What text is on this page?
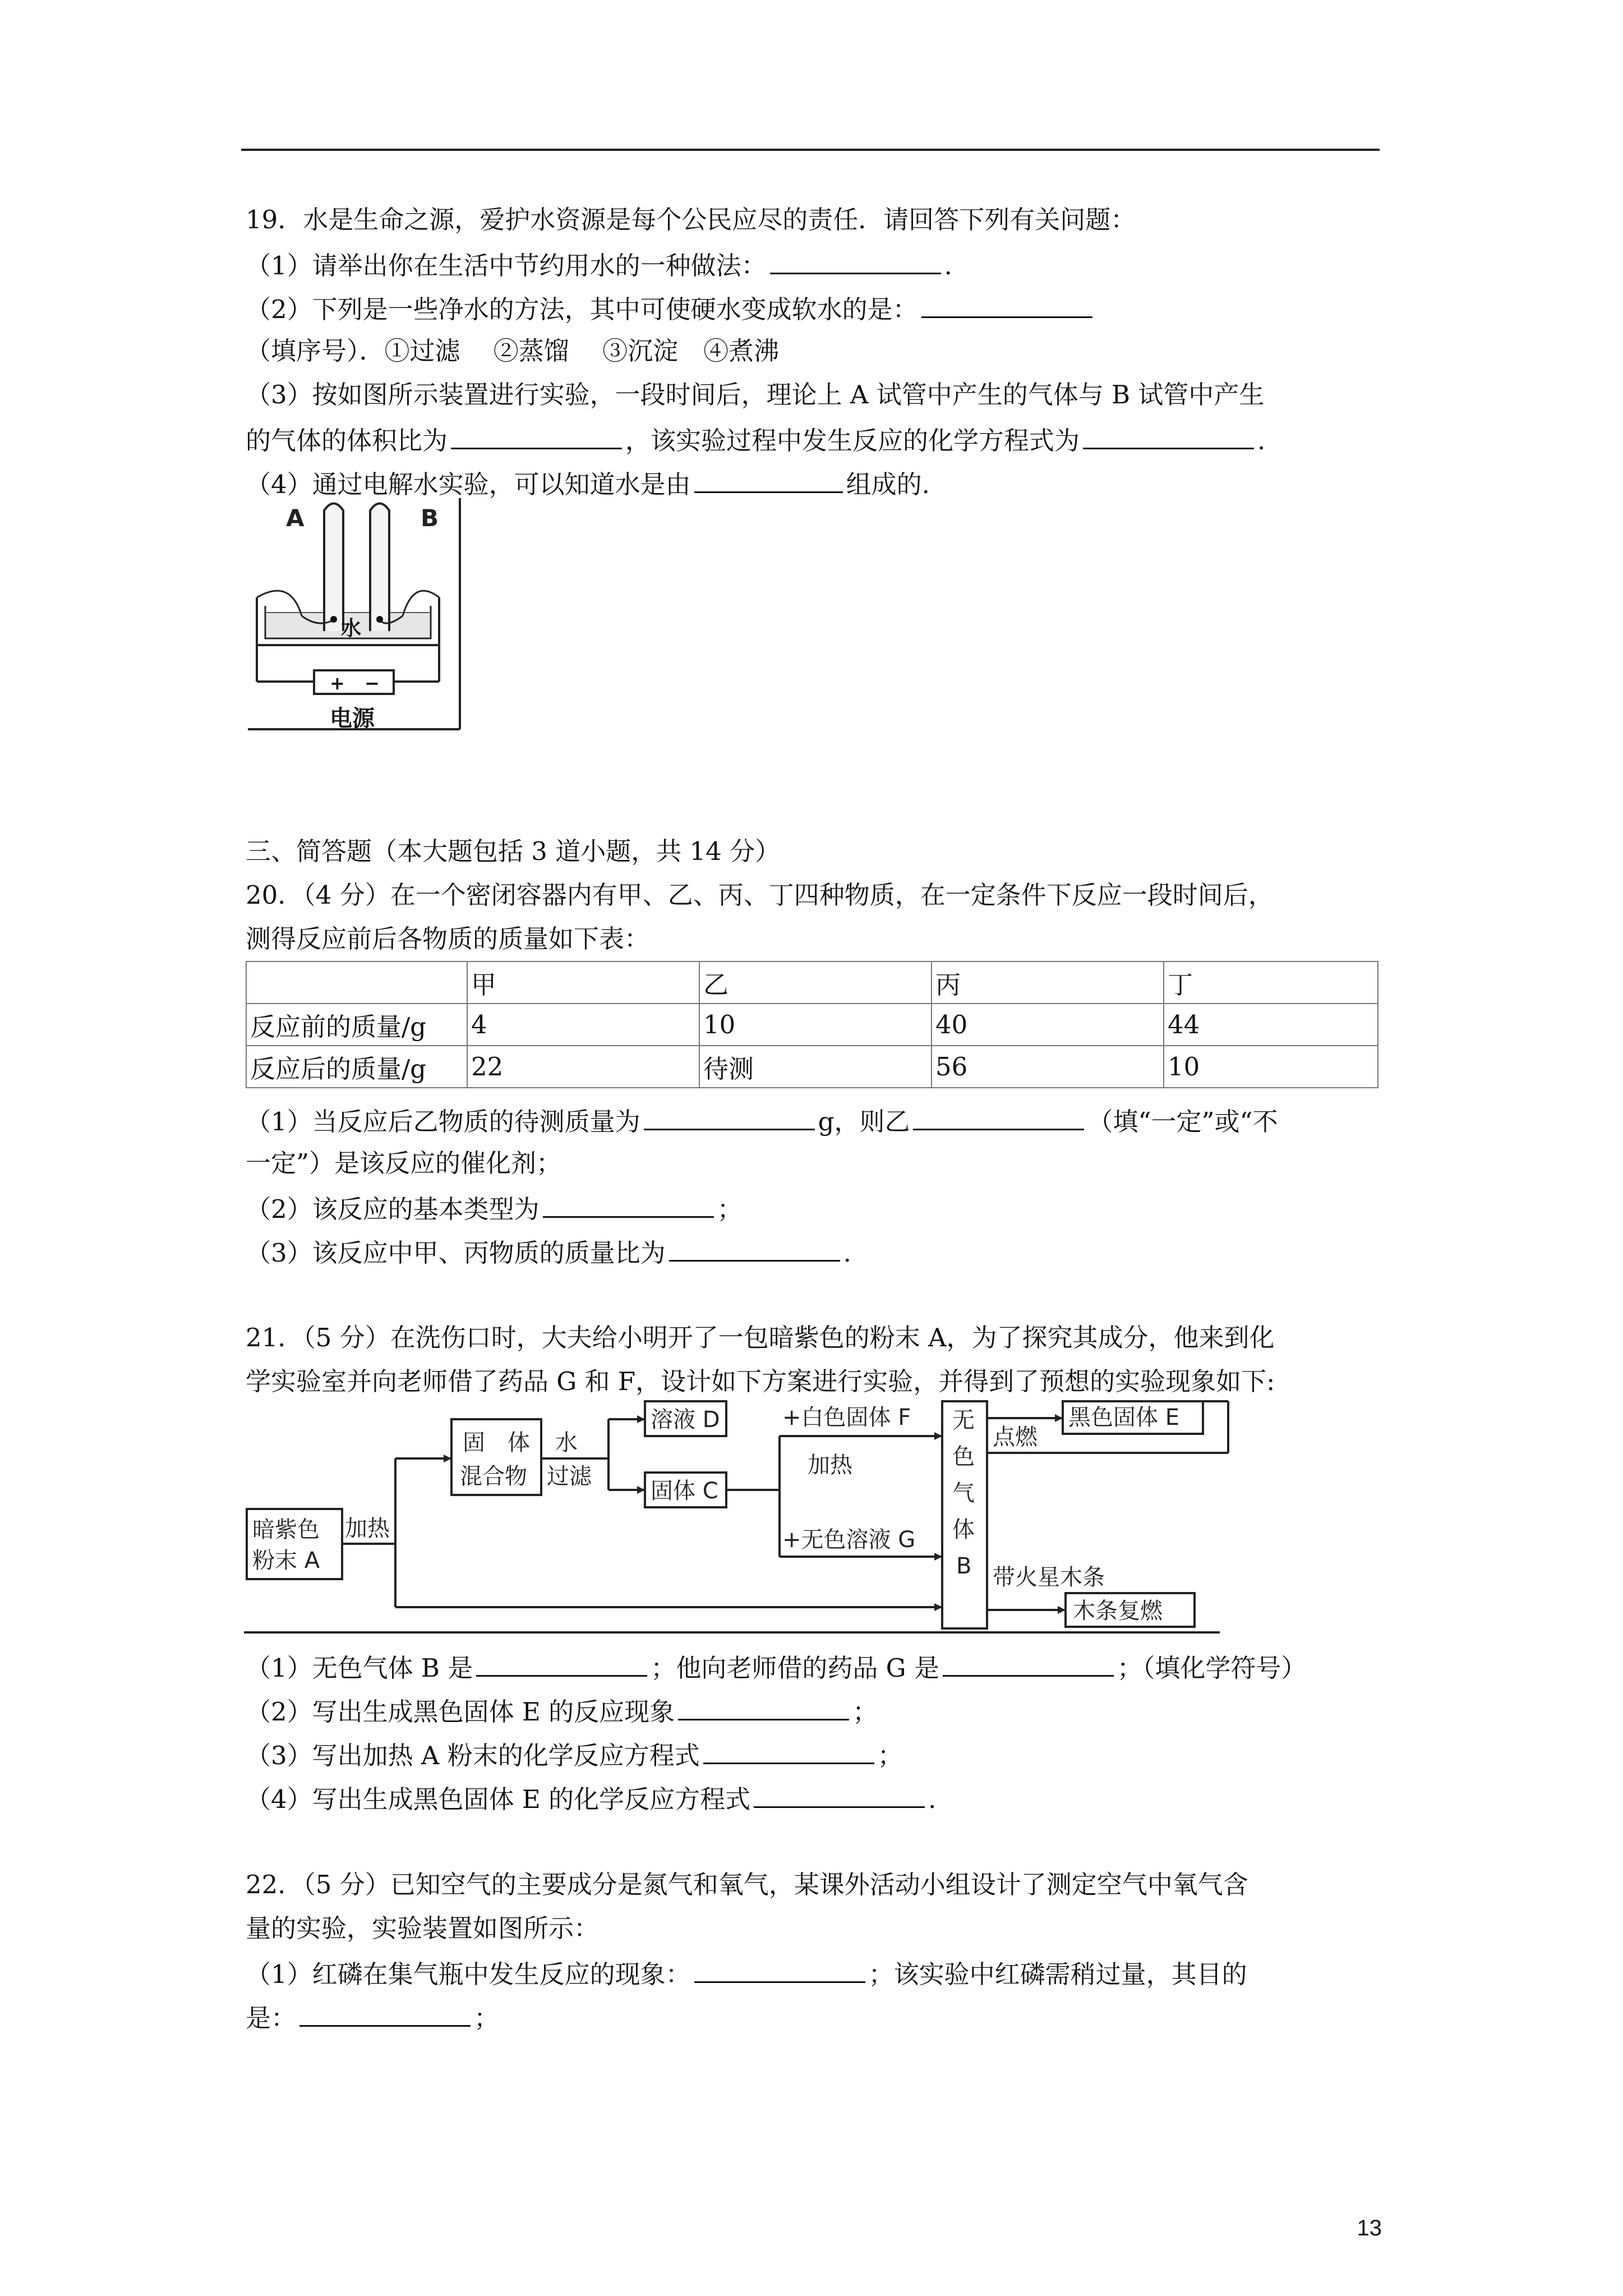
19．水是生命之源，爱护水资源是每个公民应尽的责任．请回答下列有关问题：
（1）请举出你在生活中节约用水的一种做法：	.
（2）下列是一些净水的方法，其中可使硬水变成软水的是：
（填序号）．①过滤　 ②蒸馏　 ③沉淀　④煮沸
（3）按如图所示装置进行实验，一段时间后，理论上 A 试管中产生的气体与 B 试管中产生
的气体的体积比为	，该实验过程中发生反应的化学方程式为	.
（4）通过电解水实验，可以知道水是由	组成的.
A	B
水
+ −
电源
三、简答题（本大题包括 3 道小题，共 14 分）
20．（4 分）在一个密闭容器内有甲、乙、丙、丁四种物质，在一定条件下反应一段时间后，
测得反应前后各物质的质量如下表：
	甲	乙	丙	丁
反应前的质量/g	4	10	40	44
反应后的质量/g	22	待测	56	10
（1）当反应后乙物质的待测质量为	g，则乙	（填“一定”或“不
一定”）是该反应的催化剂；
（2）该反应的基本类型为	；
（3）该反应中甲、丙物质的质量比为	.
21．（5 分）在洗伤口时，大夫给小明开了一包暗紫色的粉末 A，为了探究其成分，他来到化
学实验室并向老师借了药品 G 和 F，设计如下方案进行实验，并得到了预想的实验现象如下:
暗紫色
粉末 A
加热
固　体
混合物
水
过滤
溶液 D
固体 C
+白色固体 F
加热
+无色溶液 G
无
色
气
体
B
点燃
黑色固体 E
带火星木条
木条复燃
（1）无色气体 B 是	；他向老师借的药品 G 是	；（填化学符号）
（2）写出生成黑色固体 E 的反应现象	；
（3）写出加热 A 粉末的化学反应方程式	；
（4）写出生成黑色固体 E 的化学反应方程式	.
22．（5 分）已知空气的主要成分是氮气和氧气，某课外活动小组设计了测定空气中氧气含
量的实验，实验装置如图所示：
（1）红磷在集气瓶中发生反应的现象：	；该实验中红磷需稍过量，其目的
是：	；
13
